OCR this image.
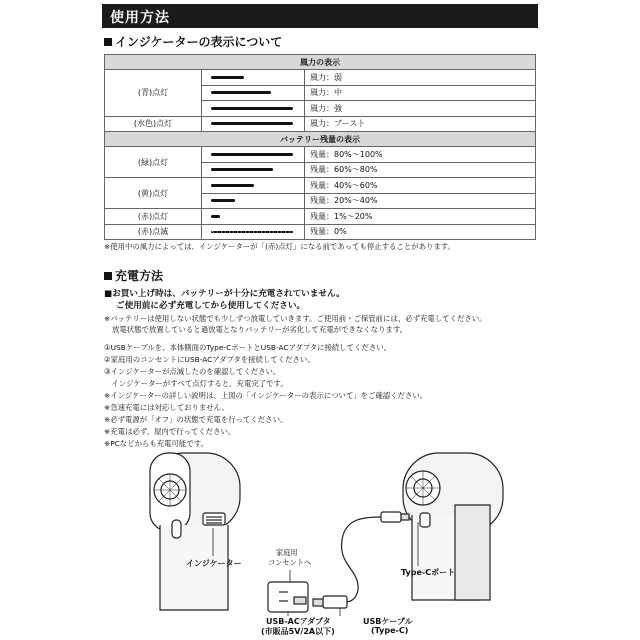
使用方法
インジケーターの表示について
風力の表示		
(青)点灯		風力：弱

		風力：中

		風力：強
(水色)点灯		風力：ブースト
バッテリー残量の表示		
(緑)点灯		残量：80%〜100%

		残量：60%〜80%
(黄)点灯		残量：40%〜60%

		残量：20%〜40%
(赤)点灯		残量：1%〜20%
(赤)点滅		残量：0%
※使用中の風力によっては、インジケーターが「(赤)点灯」になる前であっても停止することがあります。
充電方法
■お買い上げ時は、バッテリーが十分に充電されていません。
ご使用前に必ず充電してから使用してください。
※バッテリーは使用しない状態でも少しずつ放電していきます。ご使用前・ご保管前には、必ず充電してください。
放電状態で放置していると過放電となりバッテリーが劣化して充電ができなくなります。
①USBケーブルを、本体側面のType-CポートとUSB-ACアダプタに接続してください。
②家庭用のコンセントにUSB-ACアダプタを接続してください。
③インジケーターが点滅したのを確認してください。
　インジケーターがすべて点灯すると、充電完了です。
※インジケーターの詳しい説明は、上図の「インジケーターの表示について」をご確認ください。
※急速充電には対応しておりません。
※必ず電源が「オフ」の状態で充電を行ってください。
※充電は必ず、屋内で行ってください。
※PCなどからも充電可能です。
インジケーター
家庭用
コンセントへ
Type-Cポート
USB-ACアダプタ
(市販品5V/2A以下)
USBケーブル
(Type-C)
